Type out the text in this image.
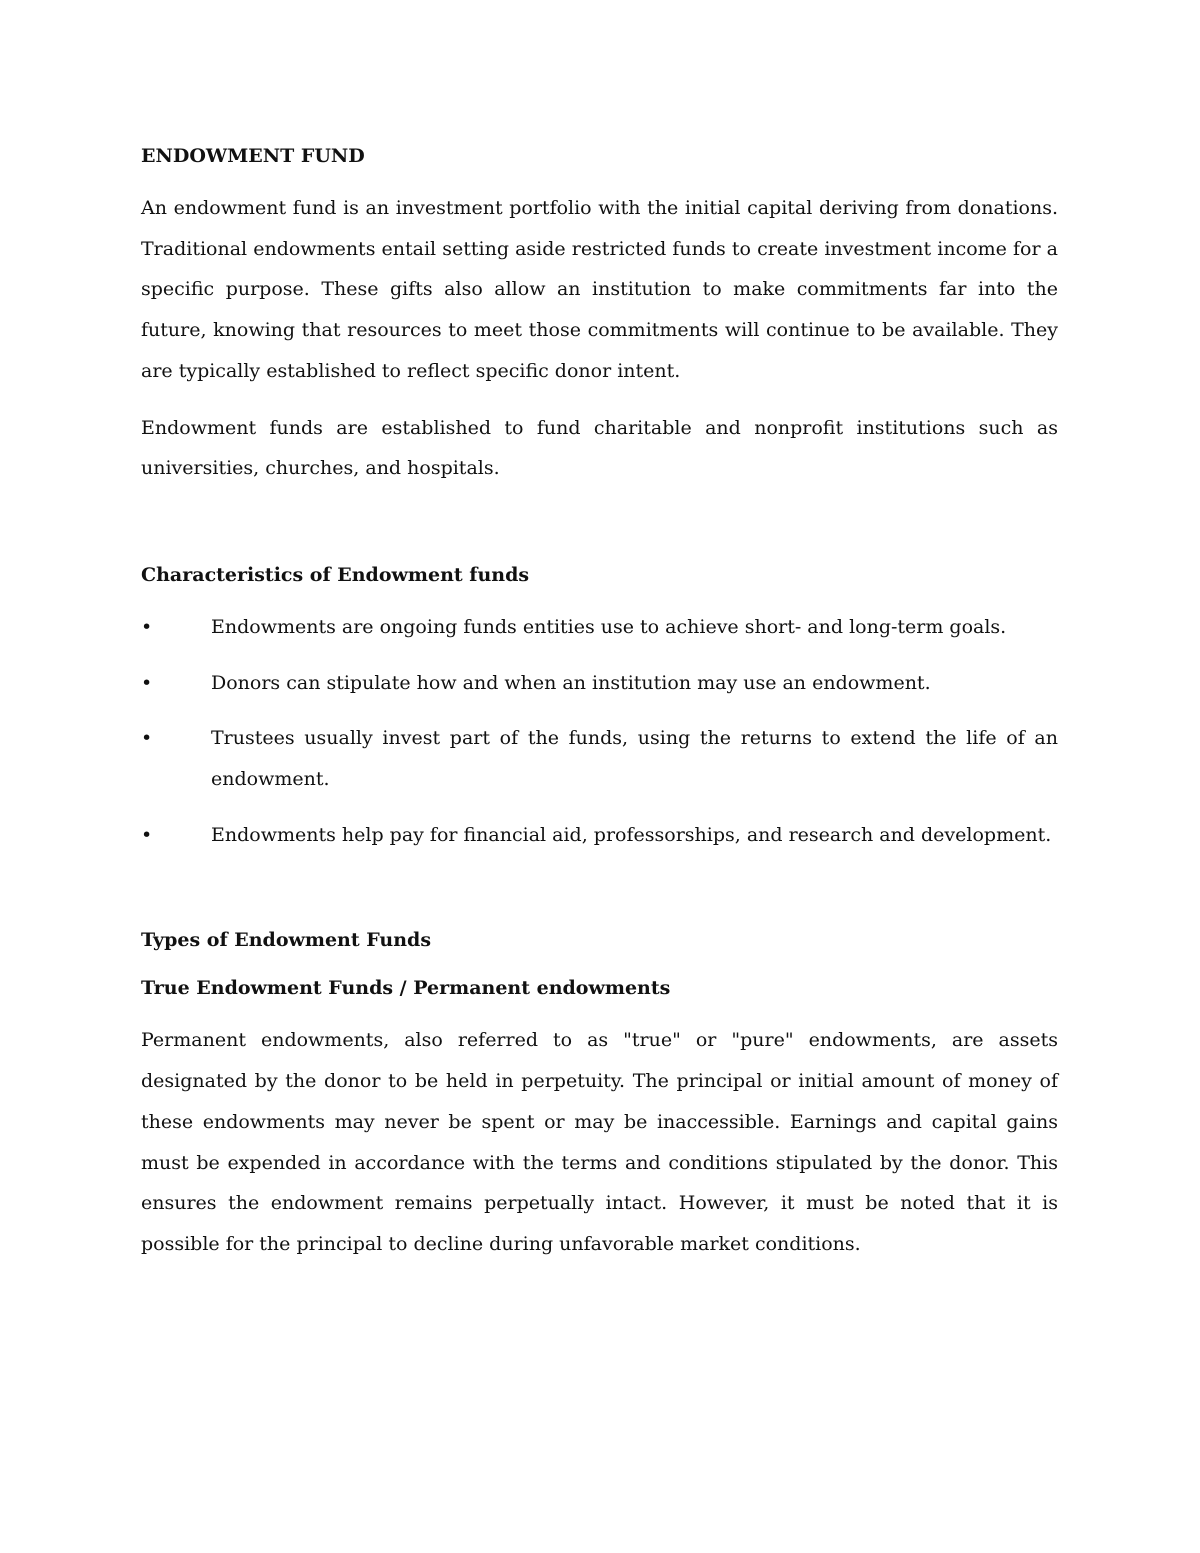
ENDOWMENT FUND

An endowment fund is an investment portfolio with the initial capital deriving from donations. Traditional endowments entail setting aside restricted funds to create investment income for a specific purpose. These gifts also allow an institution to make commitments far into the future, knowing that resources to meet those commitments will continue to be available. They are typically established to reflect specific donor intent.

Endowment funds are established to fund charitable and nonprofit institutions such as universities, churches, and hospitals.

Characteristics of Endowment funds
•	Endowments are ongoing funds entities use to achieve short- and long-term goals.
•	Donors can stipulate how and when an institution may use an endowment.
•	Trustees usually invest part of the funds, using the returns to extend the life of an endowment.
•	Endowments help pay for financial aid, professorships, and research and development.
Types of Endowment Funds
True Endowment Funds / Permanent endowments

Permanent endowments, also referred to as "true" or "pure" endowments, are assets designated by the donor to be held in perpetuity. The principal or initial amount of money of these endowments may never be spent or may be inaccessible. Earnings and capital gains must be expended in accordance with the terms and conditions stipulated by the donor. This ensures the endowment remains perpetually intact. However, it must be noted that it is possible for the principal to decline during unfavorable market conditions.
